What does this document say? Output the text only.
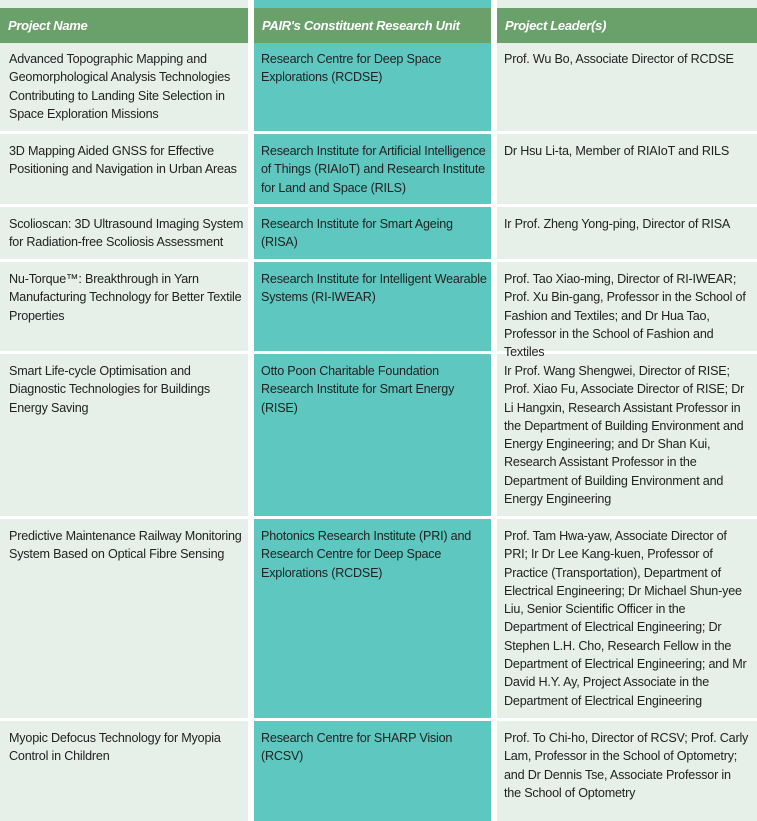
Project Name	PAIR's Constituent Research Unit	Project Leader(s)
Advanced Topographic Mapping and Geomorphological Analysis Technologies Contributing to Landing Site Selection in Space Exploration Missions
Research Centre for Deep Space Explorations (RCDSE)
Prof. Wu Bo, Associate Director of RCDSE
3D Mapping Aided GNSS for Effective Positioning and Navigation in Urban Areas
Research Institute for Artificial Intelligence of Things (RIAIoT) and Research Institute for Land and Space (RILS)
Dr Hsu Li-ta, Member of RIAIoT and RILS
Scolioscan: 3D Ultrasound Imaging System for Radiation-free Scoliosis Assessment
Research Institute for Smart Ageing (RISA)
Ir Prof. Zheng Yong-ping, Director of RISA
Nu-Torque™: Breakthrough in Yarn Manufacturing Technology for Better Textile Properties
Research Institute for Intelligent Wearable Systems (RI-IWEAR)
Prof. Tao Xiao-ming, Director of RI-IWEAR; Prof. Xu Bin-gang, Professor in the School of Fashion and Textiles; and Dr Hua Tao, Professor in the School of Fashion and Textiles
Smart Life-cycle Optimisation and Diagnostic Technologies for Buildings Energy Saving
Otto Poon Charitable Foundation Research Institute for Smart Energy (RISE)
Ir Prof. Wang Shengwei, Director of RISE; Prof. Xiao Fu, Associate Director of RISE; Dr Li Hangxin, Research Assistant Professor in the Department of Building Environment and Energy Engineering; and Dr Shan Kui, Research Assistant Professor in the Department of Building Environment and Energy Engineering
Predictive Maintenance Railway Monitoring System Based on Optical Fibre Sensing
Photonics Research Institute (PRI) and Research Centre for Deep Space Explorations (RCDSE)
Prof. Tam Hwa-yaw, Associate Director of PRI; Ir Dr Lee Kang-kuen, Professor of Practice (Transportation), Department of Electrical Engineering; Dr Michael Shun-yee Liu, Senior Scientific Officer in the Department of Electrical Engineering; Dr Stephen L.H. Cho, Research Fellow in the Department of Electrical Engineering; and Mr David H.Y. Ay, Project Associate in the Department of Electrical Engineering
Myopic Defocus Technology for Myopia Control in Children
Research Centre for SHARP Vision (RCSV)
Prof. To Chi-ho, Director of RCSV; Prof. Carly Lam, Professor in the School of Optometry; and Dr Dennis Tse, Associate Professor in the School of Optometry
